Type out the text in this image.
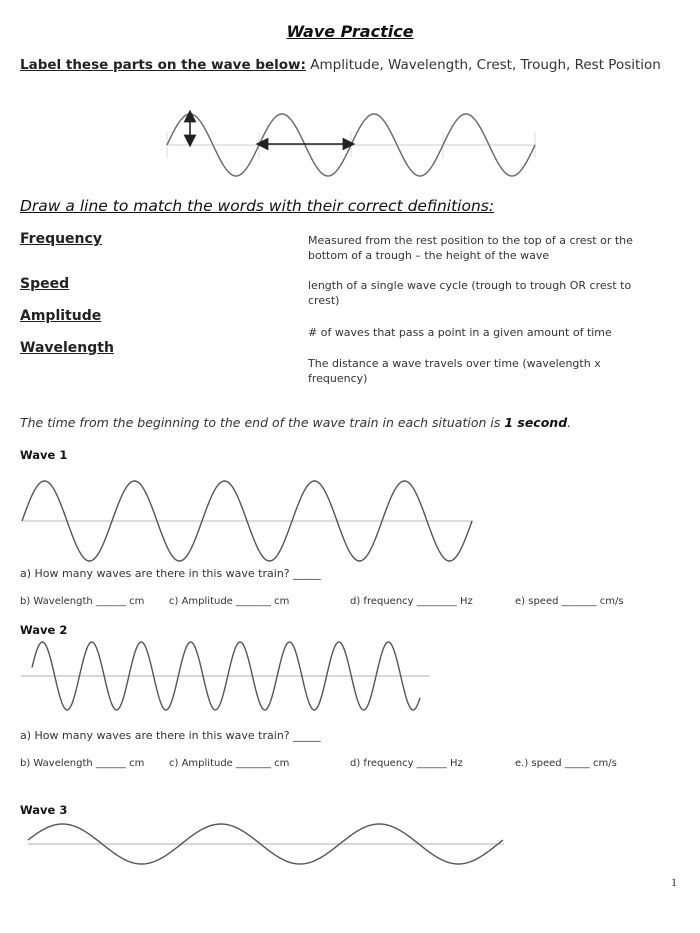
Wave Practice
Label these parts on the wave below: Amplitude, Wavelength, Crest, Trough, Rest Position
Draw a line to match the words with their correct definitions:
Frequency
Speed
Amplitude
Wavelength
Measured from the rest position to the top of a crest or the bottom of a trough – the height of the wave
length of a single wave cycle (trough to trough OR crest to crest)
# of waves that pass a point in a given amount of time
The distance a wave travels over time (wavelength x frequency)
The time from the beginning to the end of the wave train in each situation is 1 second.
Wave 1
a) How many waves are there in this wave train? _____
b) Wavelength ______ cm c) Amplitude _______ cm	d) frequency ________ Hz	e) speed _______ cm/s
Wave 2
a) How many waves are there in this wave train? _____
b) Wavelength ______ cm c) Amplitude _______ cm	d) frequency ______ Hz	e.) speed _____ cm/s
Wave 3
1
